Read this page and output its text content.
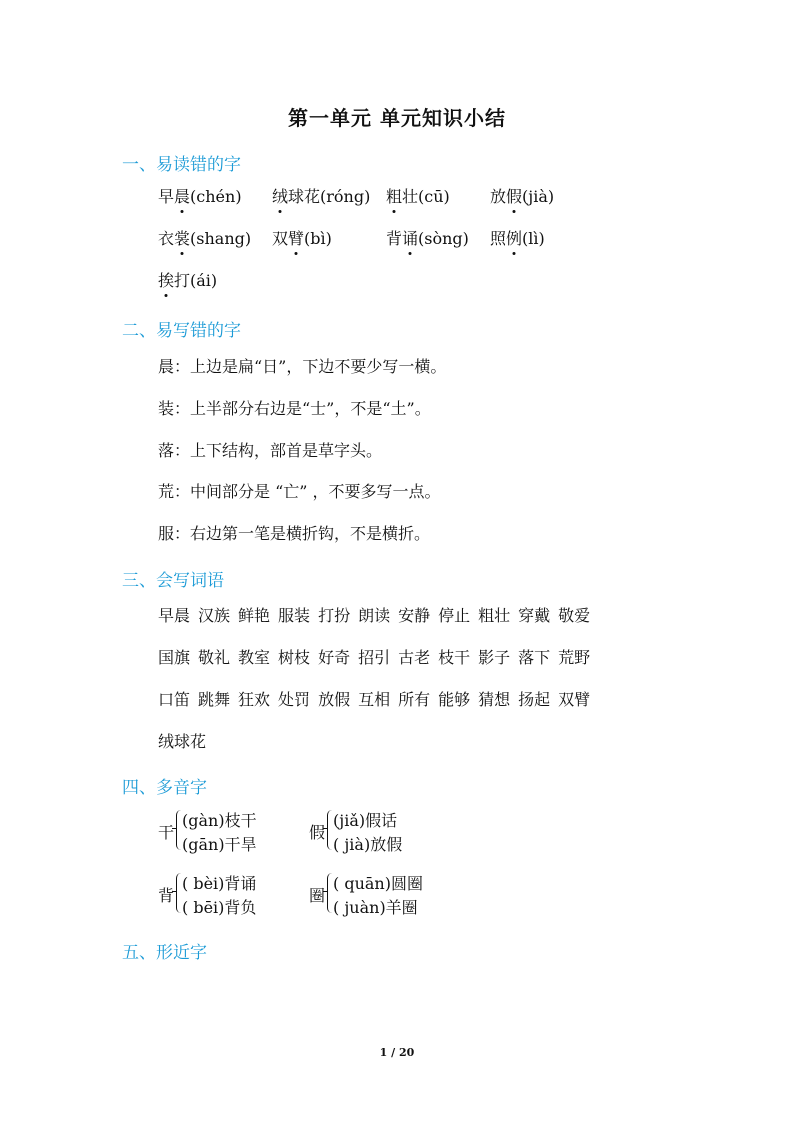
第一单元 单元知识小结
一、易读错的字
早晨(chén) 绒球花(róng) 粗壮(cū)	放假(jià)
衣裳(shang) 双臂(bì)	背诵(sòng) 照例(lì)
挨打(ái)
二、易写错的字
晨：上边是扁“日”，下边不要少写一横。
装：上半部分右边是“士”，不是“土”。
落：上下结构，部首是草字头。
荒：中间部分是 “亡” ，不要多写一点。
服：右边第一笔是横折钩，不是横折。
三、会写词语
早晨 汉族 鲜艳 服装 打扮 朗读 安静 停止 粗壮 穿戴 敬爱
国旗 敬礼 教室 树枝 好奇 招引 古老 枝干 影子 落下 荒野
口笛 跳舞 狂欢 处罚 放假 互相 所有 能够 猜想 扬起 双臂
绒球花
四、多音字
干
(gàn)枝干
(gān)干旱
假
(jiǎ)假话
( jià)放假
背
( bèi)背诵
( bēi)背负
圈
( quān)圆圈
( juàn)羊圈
五、形近字
1 / 20
